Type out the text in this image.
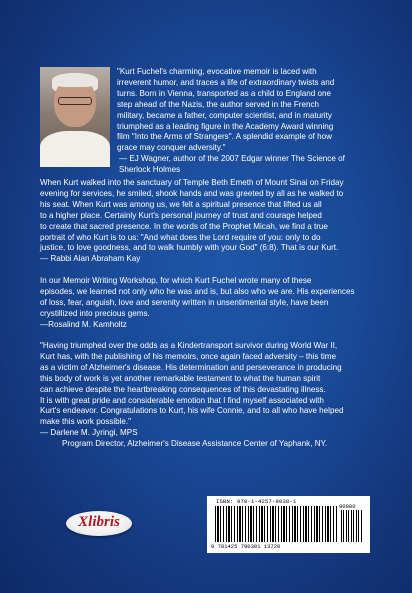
"Kurt Fuchel's charming, evocative memoir is laced with
irreverent humor, and traces a life of extraordinary twists and
turns. Born in Vienna, transported as a child to England one
step ahead of the Nazis, the author served in the French
military, became a father, computer scientist, and in maturity
triumphed as a leading figure in the Academy Award winning
film "Into the Arms of Strangers". A splendid example of how
grace may conquer adversity."
— EJ Wagner, author of the 2007 Edgar winner The Science of
Sherlock Holmes
When Kurt walked into the sanctuary of Temple Beth Emeth of Mount Sinai on Friday
evening for services, he smiled, shook hands and was greeted by all as he walked to
his seat. When Kurt was among us, we felt a spiritual presence that lifted us all
to a higher place. Certainly Kurt's personal journey of trust and courage helped
to create that sacred presence. In the words of the Prophet Micah, we find a true
portrait of who Kurt is to us: "And what does the Lord require of you: only to do
justice, to love goodness, and to walk humbly with your God" (6:8). That is our Kurt.
— Rabbi Alan Abraham Kay
In our Memoir Writing Workshop, for which Kurt Fuchel wrote many of these
episodes, we learned not only who he was and is, but also who we are. His experiences
of loss, fear, anguish, love and serenity written in unsentimental style, have been
crystillized into precious gems.
—Rosalind M. Kamholtz
"Having triumphed over the odds as a Kindertransport survivor during World War II,
Kurt has, with the publishing of his memoirs, once again faced adversity – this time
as a victim of Alzheimer's disease. His determination and perseverance in producing
this body of work is yet another remarkable testament to what the human spirit
can achieve despite the heartbreaking consequences of this devastating illness.
It is with great pride and considerable emotion that I find myself associated with
Kurt's endeavor. Congratulations to Kurt, his wife Connie, and to all who have helped
make this work possible."
— Darlene M. Jyringi, MPS
Program Director, Alzheimer's Disease Assistance Center of Yaphank, NY.
Xlibris
ISBN: 978-1-4257-9030-1
90000
9 781425 790301 13720
